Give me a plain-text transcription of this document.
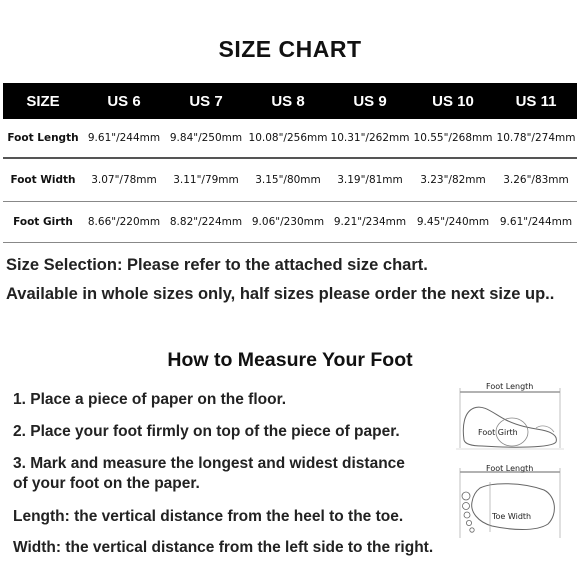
SIZE CHART
SIZE	US 6	US 7	US 8	US 9	US 10	US 11
Foot Length 9.61"/244mm 9.84"/250mm 10.08"/256mm 10.31"/262mm 10.55"/268mm 10.78"/274mm
Foot Width	3.07"/78mm	3.11"/79mm	3.15"/80mm	3.19"/81mm	3.23"/82mm	3.26"/83mm
Foot Girth	8.66"/220mm 8.82"/224mm 9.06"/230mm 9.21"/234mm	9.45"/240mm	9.61"/244mm
Size Selection: Please refer to the attached size chart.
Available in whole sizes only, half sizes please order the next size up..
How to Measure Your Foot
1. Place a piece of paper on the floor.
2. Place your foot firmly on top of the piece of paper.
3. Mark and measure the longest and widest distance
of your foot on the paper.
Length: the vertical distance from the heel to the toe.
Width: the vertical distance from the left side to the right.
Foot Length
Foot Girth
Foot Length
Toe Width
